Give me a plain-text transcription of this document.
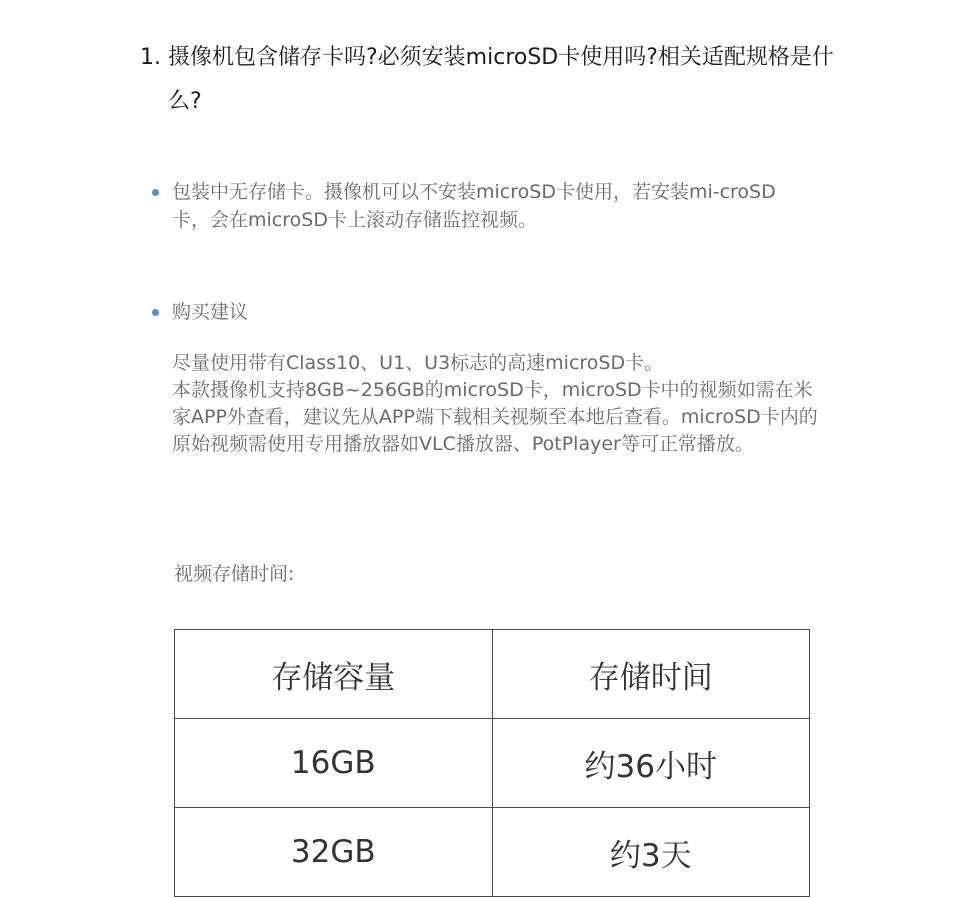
1. 摄像机包含储存卡吗?必须安装microSD卡使用吗?相关适配规格是什么?
包装中无存储卡。摄像机可以不安装microSD卡使用，若安装mi-croSD卡，会在microSD卡上滚动存储监控视频。
购买建议

尽量使用带有Class10、U1、U3标志的高速microSD卡。

本款摄像机支持8GB~256GB的microSD卡，microSD卡中的视频如需在米家APP外查看，建议先从APP端下载相关视频至本地后查看。microSD卡内的原始视频需使用专用播放器如VLC播放器、PotPlayer等可正常播放。

视频存储时间:
存储容量	存储时间
16GB	约36小时
32GB	约3天
